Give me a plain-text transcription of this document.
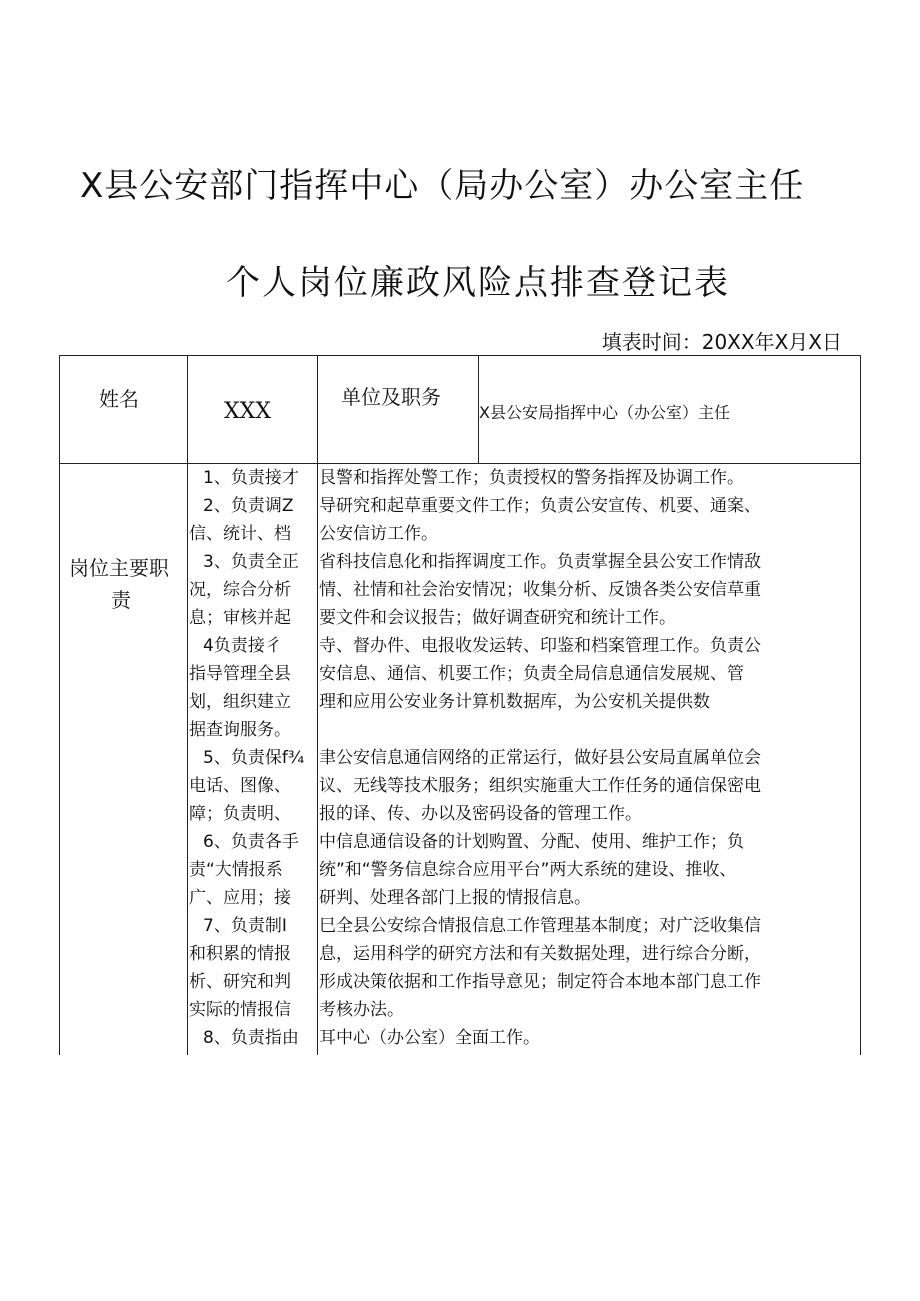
X县公安部门指挥中心（局办公室）办公室主任
个人岗位廉政风险点排查登记表
填表时间：20XX年X月X日
姓名	XXX
单位及职务
X县公安局指挥中心（办公室）主任
岗位主要职
责
1、负责接才
2、负责调Z
信、统计、档
3、负责全正
况，综合分析
息；审核并起
4负责接彳
指导管理全县
划，组织建立
据查询服务。
5、负责保f¾
电话、图像、
障；负责明、
6、负责各手
责“大情报系
广、应用；接
7、负责制I
和积累的情报
析、研究和判
实际的情报信
8、负责指由
艮警和指挥处警工作；负责授权的警务指挥及协调工作。
导研究和起草重要文件工作；负责公安宣传、机要、通案、
公安信访工作。
省科技信息化和指挥调度工作。负责掌握全县公安工作情敌
情、社情和社会治安情况；收集分析、反馈各类公安信草重
要文件和会议报告；做好调查研究和统计工作。
寺、督办件、电报收发运转、印鉴和档案管理工作。负责公
安信息、通信、机要工作；负责全局信息通信发展规、管
理和应用公安业务计算机数据库，为公安机关提供数
聿公安信息通信网络的正常运行，做好县公安局直属单位会
议、无线等技术服务；组织实施重大工作任务的通信保密电
报的译、传、办以及密码设备的管理工作。
中信息通信设备的计划购置、分配、使用、维护工作；负
统”和“警务信息综合应用平台”两大系统的建设、推收、
研判、处理各部门上报的情报信息。
巳全县公安综合情报信息工作管理基本制度；对广泛收集信
息，运用科学的研究方法和有关数据处理，进行综合分断，
形成决策依据和工作指导意见；制定符合本地本部门息工作
考核办法。
耳中心（办公室）全面工作。
